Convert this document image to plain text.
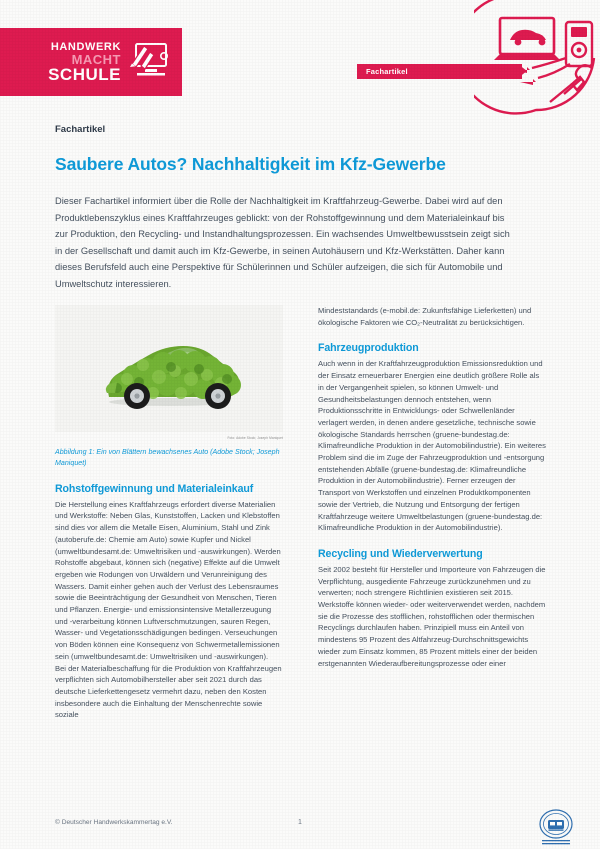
HANDWERK
MACHT
SCHULE	Fachartikel
Fachartikel
Saubere Autos? Nachhaltigkeit im Kfz-Gewerbe
Dieser Fachartikel informiert über die Rolle der Nachhaltigkeit im Kraftfahrzeug-Gewerbe. Dabei wird auf den Produktlebenszyklus eines Kraftfahrzeuges geblickt: von der Rohstoffgewinnung und dem Materialeinkauf bis zur Produktion, den Recycling- und Instandhaltungsprozessen. Ein wachsendes Umweltbewusstsein zeigt sich in der Gesellschaft und damit auch im Kfz-Gewerbe, in seinen Autohäusern und Kfz-Werkstätten. Daher kann dieses Berufsfeld auch eine Perspektive für Schülerinnen und Schüler aufzeigen, die sich für Automobile und Umweltschutz interessieren.
Foto: Adobe Stock; Joseph Maniquet
Abbildung 1: Ein von Blättern bewachsenes Auto (Adobe Stock; Joseph Maniquet)
Rohstoffgewinnung und Materialeinkauf

Die Herstellung eines Kraftfahrzeugs erfordert diverse Materialien und Werkstoffe: Neben Glas, Kunststoffen, Lacken und Klebstoffen sind dies vor allem die Metalle Eisen, Aluminium, Stahl und Zink (autoberufe.de: Chemie am Auto) sowie Kupfer und Nickel (umweltbundesamt.de: Umweltrisiken und -auswirkungen). Werden Rohstoffe abgebaut, können sich (negative) Effekte auf die Umwelt ergeben wie Rodungen von Urwäldern und Verunreinigung des Wassers. Damit einher gehen auch der Verlust des Lebensraumes sowie die Beeinträchtigung der Gesundheit von Menschen, Tieren und Pflanzen. Energie- und emissionsintensive Metallerzeugung und -verarbeitung können Luftverschmutzungen, sauren Regen, Wasser- und Vegetationsschädigungen bedingen. Verseuchungen von Böden können eine Konsequenz von Schwermetallemissionen sein (umweltbundesamt.de: Umweltrisiken und -auswirkungen).

Bei der Materialbeschaffung für die Produktion von Kraftfahrzeugen verpflichten sich Automobilhersteller aber seit 2021 durch das deutsche Lieferkettengesetz vermehrt dazu, neben den Kosten insbesondere auch die Einhaltung der Menschenrechte sowie soziale

Mindeststandards (e-mobil.de: Zukunftsfähige Lieferketten) und ökologische Faktoren wie CO₂-Neutralität zu berücksichtigen.

Fahrzeugproduktion

Auch wenn in der Kraftfahrzeugproduktion Emissionsreduktion und der Einsatz erneuerbarer Energien eine deutlich größere Rolle als in der Vergangenheit spielen, so können Umwelt- und Gesundheitsbelastungen dennoch entstehen, wenn Produktionsschritte in Entwicklungs- oder Schwellenländer verlagert werden, in denen andere gesetzliche, technische sowie ökologische Standards herrschen (gruene-bundestag.de: Klimafreundliche Produktion in der Automobilindustrie). Ein weiteres Problem sind die im Zuge der Fahrzeugproduktion und -entsorgung entstehenden Abfälle (gruene-bundestag.de: Klimafreundliche Produktion in der Automobilindustrie). Ferner erzeugen der Transport von Werkstoffen und einzelnen Produktkomponenten sowie der Vertrieb, die Nutzung und Entsorgung der fertigen Kraftfahrzeuge weitere Umweltbelastungen (gruene-bundestag.de: Klimafreundliche Produktion in der Automobilindustrie).

Recycling und Wiederverwertung

Seit 2002 besteht für Hersteller und Importeure von Fahrzeugen die Verpflichtung, ausgediente Fahrzeuge zurückzunehmen und zu verwerten; noch strengere Richtlinien existieren seit 2015. Werkstoffe können wieder- oder weiterverwendet werden, nachdem sie die Prozesse des stofflichen, rohstofflichen oder thermischen Recyclings durchlaufen haben. Prinzipiell muss ein Anteil von mindestens 95 Prozent des Altfahrzeug-Durchschnittsgewichts wieder zum Einsatz kommen, 85 Prozent mittels einer der beiden erstgenannten Wiederaufbereitungsprozesse oder einer

© Deutscher Handwerkskammertag e.V.	1
